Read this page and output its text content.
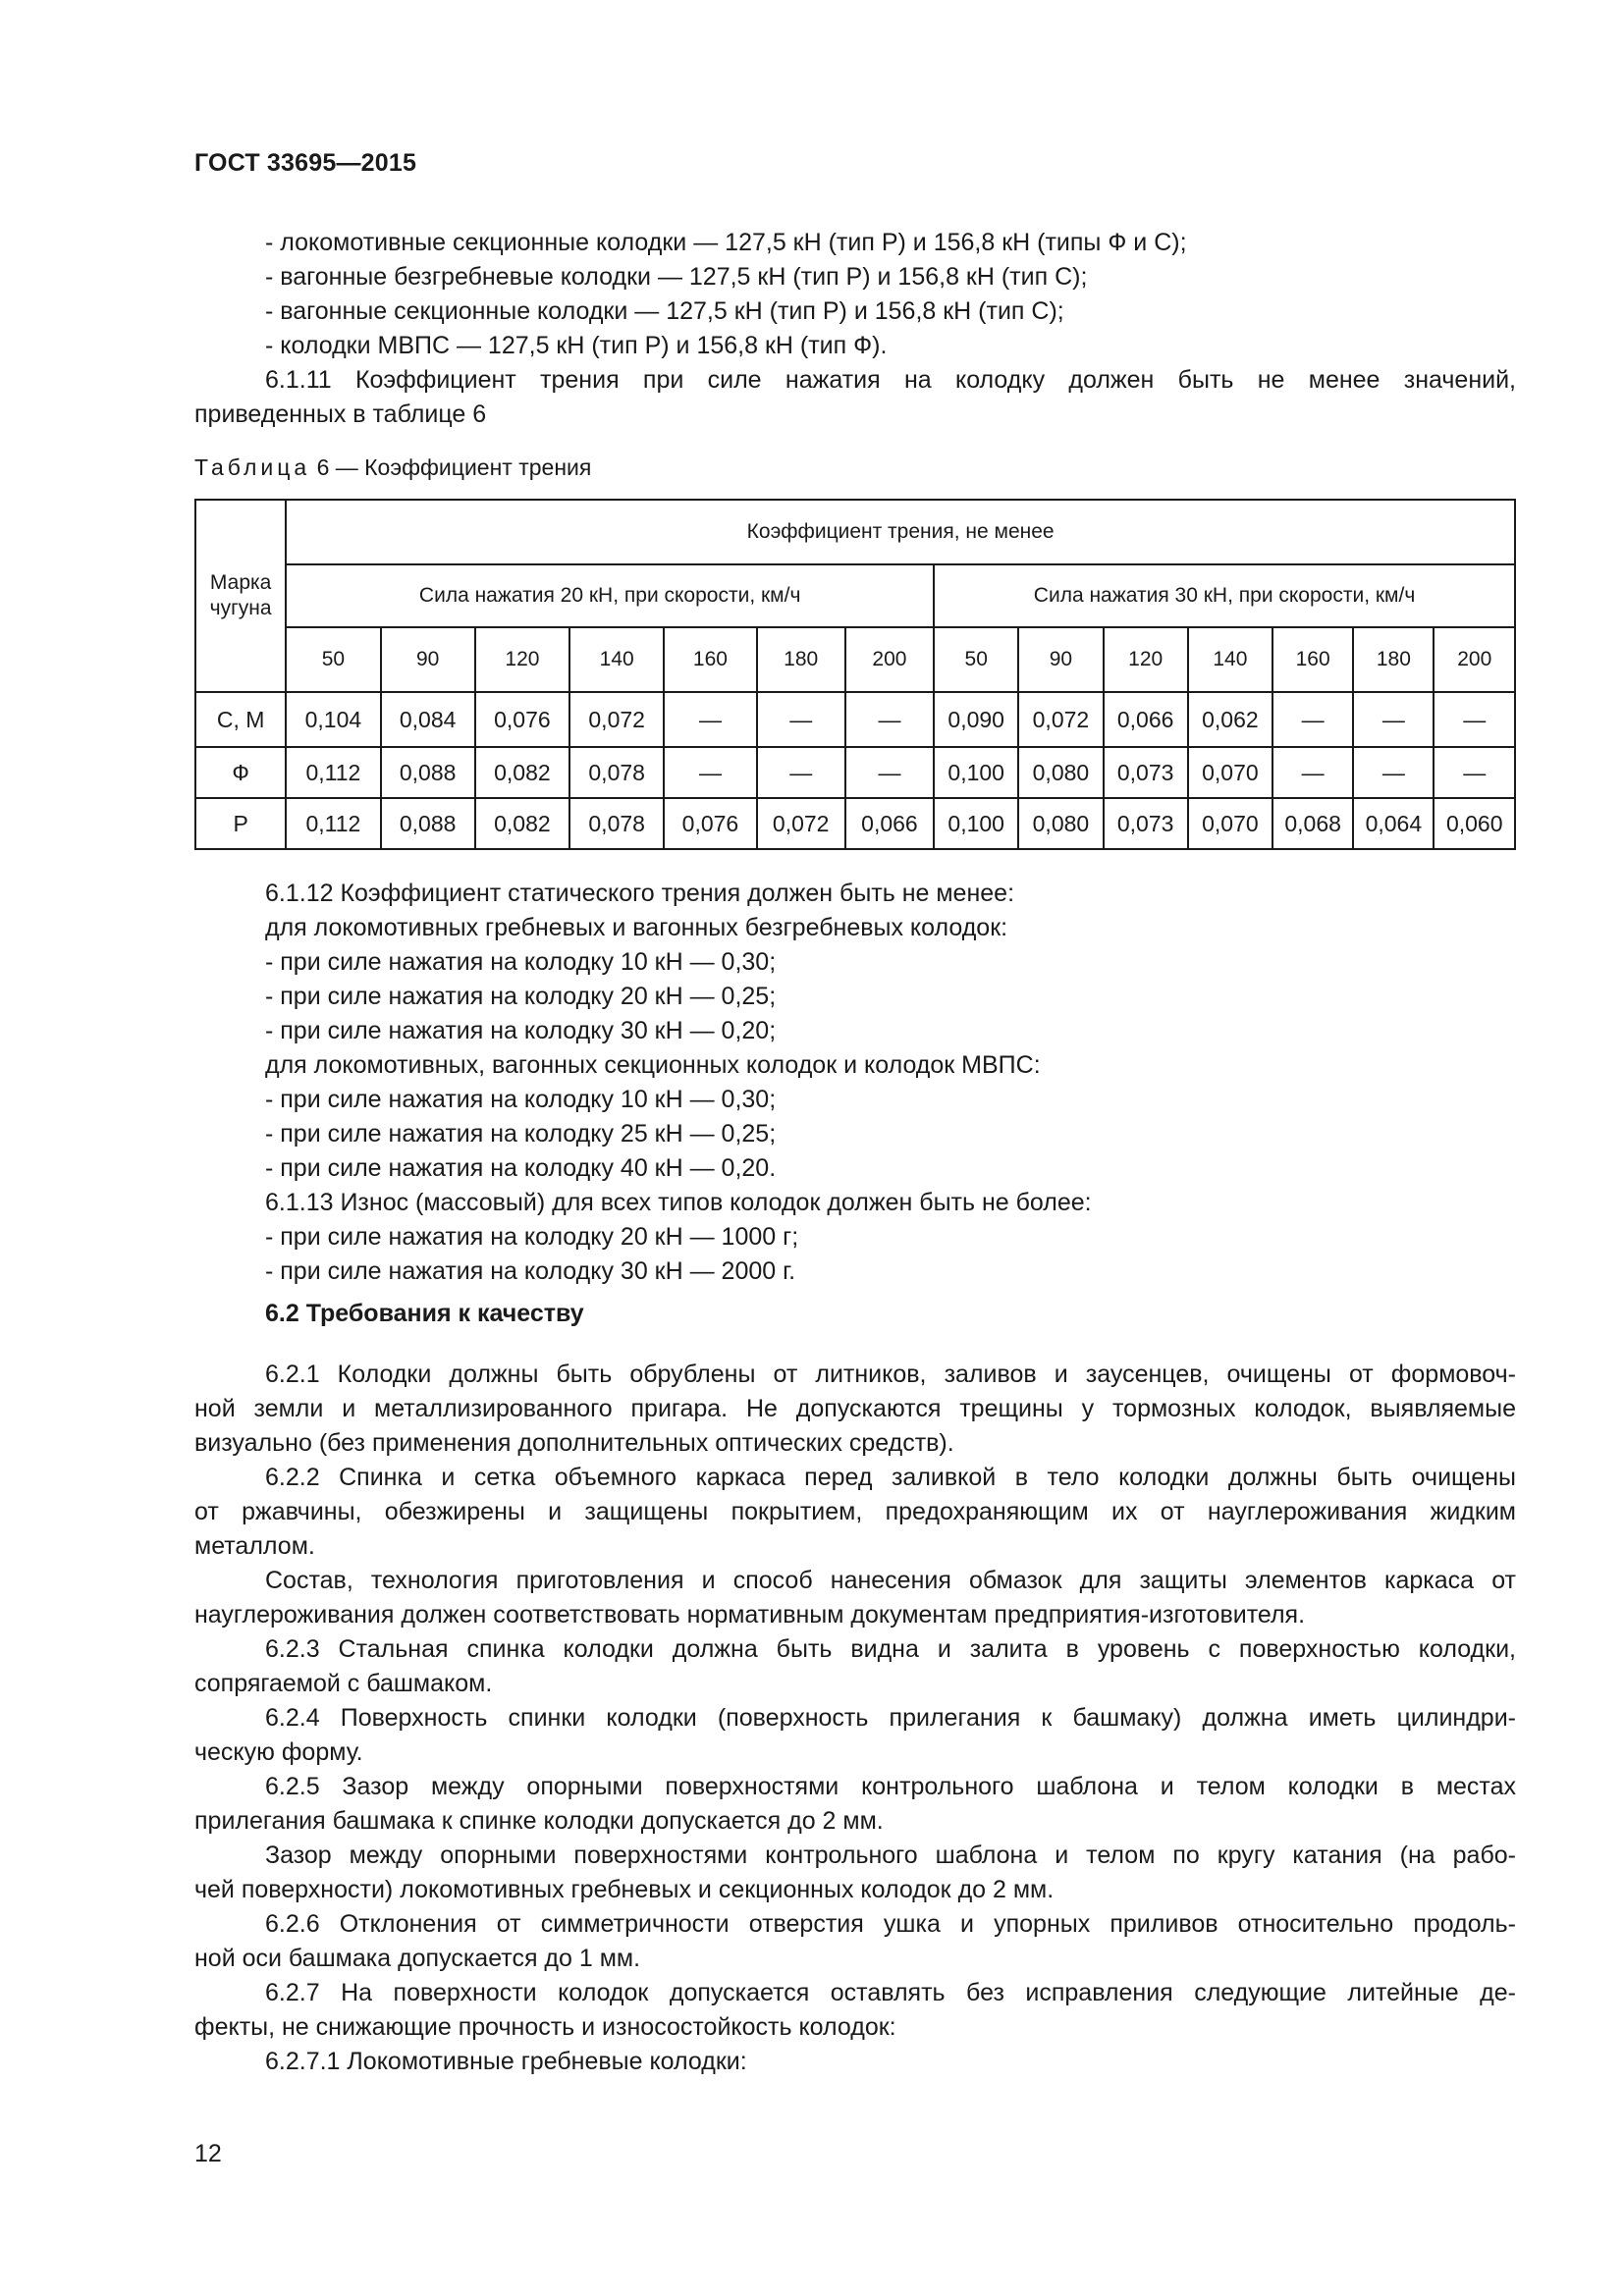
ГОСТ 33695—2015
- локомотивные секционные колодки — 127,5 кН (тип Р) и 156,8 кН (типы Ф и С);
- вагонные безгребневые колодки — 127,5 кН (тип Р) и 156,8 кН (тип С);
- вагонные секционные колодки — 127,5 кН (тип Р) и 156,8 кН (тип С);
- колодки МВПС — 127,5 кН (тип Р) и 156,8 кН (тип Ф).
6.1.11 Коэффициент трения при силе нажатия на колодку должен быть не менее значений,
приведенных в таблице 6
Таблица 6 — Коэффициент трения
Марка чугуна	Коэффициент трения, не менее													
	Сила нажатия 20 кН, при скорости, км/ч							Сила нажатия 30 кН, при скорости, км/ч						
	50	90	120	140	160	180	200	50	90	120	140	160	180	200
С, М	0,104	0,084	0,076	0,072	—	—	—	0,090	0,072	0,066	0,062	—	—	—
Ф	0,112	0,088	0,082	0,078	—	—	—	0,100	0,080	0,073	0,070	—	—	—
Р	0,112	0,088	0,082	0,078	0,076	0,072	0,066	0,100	0,080	0,073	0,070	0,068	0,064	0,060
6.1.12 Коэффициент статического трения должен быть не менее:
для локомотивных гребневых и вагонных безгребневых колодок:
- при силе нажатия на колодку 10 кН — 0,30;
- при силе нажатия на колодку 20 кН — 0,25;
- при силе нажатия на колодку 30 кН — 0,20;
для локомотивных, вагонных секционных колодок и колодок МВПС:
- при силе нажатия на колодку 10 кН — 0,30;
- при силе нажатия на колодку 25 кН — 0,25;
- при силе нажатия на колодку 40 кН — 0,20.
6.1.13 Износ (массовый) для всех типов колодок должен быть не более:
- при силе нажатия на колодку 20 кН — 1000 г;
- при силе нажатия на колодку 30 кН — 2000 г.
6.2 Требования к качеству
6.2.1 Колодки должны быть обрублены от литников, заливов и заусенцев, очищены от формовоч-
ной земли и металлизированного пригара. Не допускаются трещины у тормозных колодок, выявляемые
визуально (без применения дополнительных оптических средств).
6.2.2 Спинка и сетка объемного каркаса перед заливкой в тело колодки должны быть очищены
от ржавчины, обезжирены и защищены покрытием, предохраняющим их от науглероживания жидким
металлом.
Состав, технология приготовления и способ нанесения обмазок для защиты элементов каркаса от
науглероживания должен соответствовать нормативным документам предприятия-изготовителя.
6.2.3 Стальная спинка колодки должна быть видна и залита в уровень с поверхностью колодки,
сопрягаемой с башмаком.
6.2.4 Поверхность спинки колодки (поверхность прилегания к башмаку) должна иметь цилиндри-
ческую форму.
6.2.5 Зазор между опорными поверхностями контрольного шаблона и телом колодки в местах
прилегания башмака к спинке колодки допускается до 2 мм.
Зазор между опорными поверхностями контрольного шаблона и телом по кругу катания (на рабо-
чей поверхности) локомотивных гребневых и секционных колодок до 2 мм.
6.2.6 Отклонения от симметричности отверстия ушка и упорных приливов относительно продоль-
ной оси башмака допускается до 1 мм.
6.2.7 На поверхности колодок допускается оставлять без исправления следующие литейные де-
фекты, не снижающие прочность и износостойкость колодок:
6.2.7.1 Локомотивные гребневые колодки:
12
